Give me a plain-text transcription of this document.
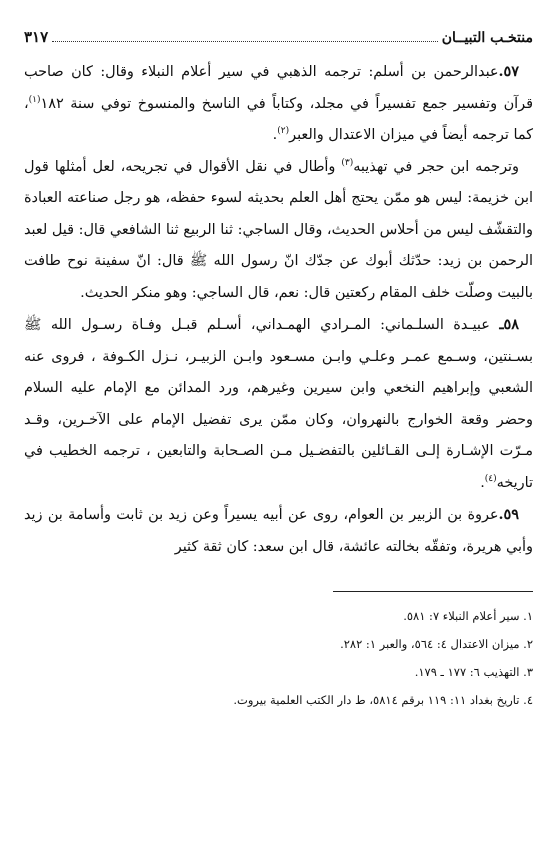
منتخـب التبيــان
٣١٧

٥٧.عبدالرحمن بن أسلم: ترجمه الذهبي في سير أعلام النبلاء وقال: كان صاحب قرآن وتفسير جمع تفسيراً في مجلد، وكتاباً في الناسخ والمنسوخ توفي سنة ١٨٢$^{(١)}$، كما ترجمه أيضاً في ميزان الاعتدال والعبر$^{(٢)}$.

وترجمه ابن حجر في تهذيبه$^{(٣)}$ وأطال في نقل الأقوال في تجريحه، لعل أمثلها قول ابن خزيمة: ليس هو ممّن يحتج أهل العلم بحديثه لسوء حفظه، هو رجل صناعته العبادة والتقشّف ليس من أحلاس الحديث، وقال الساجي: ثنا الربيع ثنا الشافعي قال: قيل لعبد الرحمن بن زيد: حدّثك أبوك عن جدّك انّ رسول الله ﷺ قال: انّ سفينة نوح طافت بالبيت وصلّت خلف المقام ركعتين قال: نعم، قال الساجي: وهو منكر الحديث.

٥٨ـ عبيـدة السلـماني: المـرادي الهمـداني، أسـلم قبـل وفـاة رسـول الله ﷺ بسـنتين، وسـمع عمـر وعلـي وابـن مسـعود وابـن الزبيـر، نـزل الكـوفة ، فروى عنه الشعبي وإبراهيم النخعي وابن سيرين وغيرهم، ورد المدائن مع الإمام عليه السلام وحضر وقعة الخوارج بالنهروان، وكان ممّن يرى تفضيل الإمام على الآخـرين، وقـد مـرّت الإشـارة إلـى القـائلين بالتفضـيل مـن الصـحابة والتابعين ، ترجمه الخطيب في تاريخه$^{(٤)}$.

٥٩.عروة بن الزبير بن العوام، روى عن أبيه يسيراً وعن زيد بن ثابت وأسامة بن زيد وأبي هريرة، وتفقّه بخالته عائشة، قال ابن سعد: كان ثقة كثير

١. سير أعلام النبلاء ٧: ٥٨١.
٢. ميزان الاعتدال ٤: ٥٦٤، والعبر ١: ٢٨٢.
٣. التهذيب ٦: ١٧٧ ـ ١٧٩.
٤. تاريخ بغداد ١١: ١١٩ برقم ٥٨١٤، ط دار الكتب العلمية بيروت.
